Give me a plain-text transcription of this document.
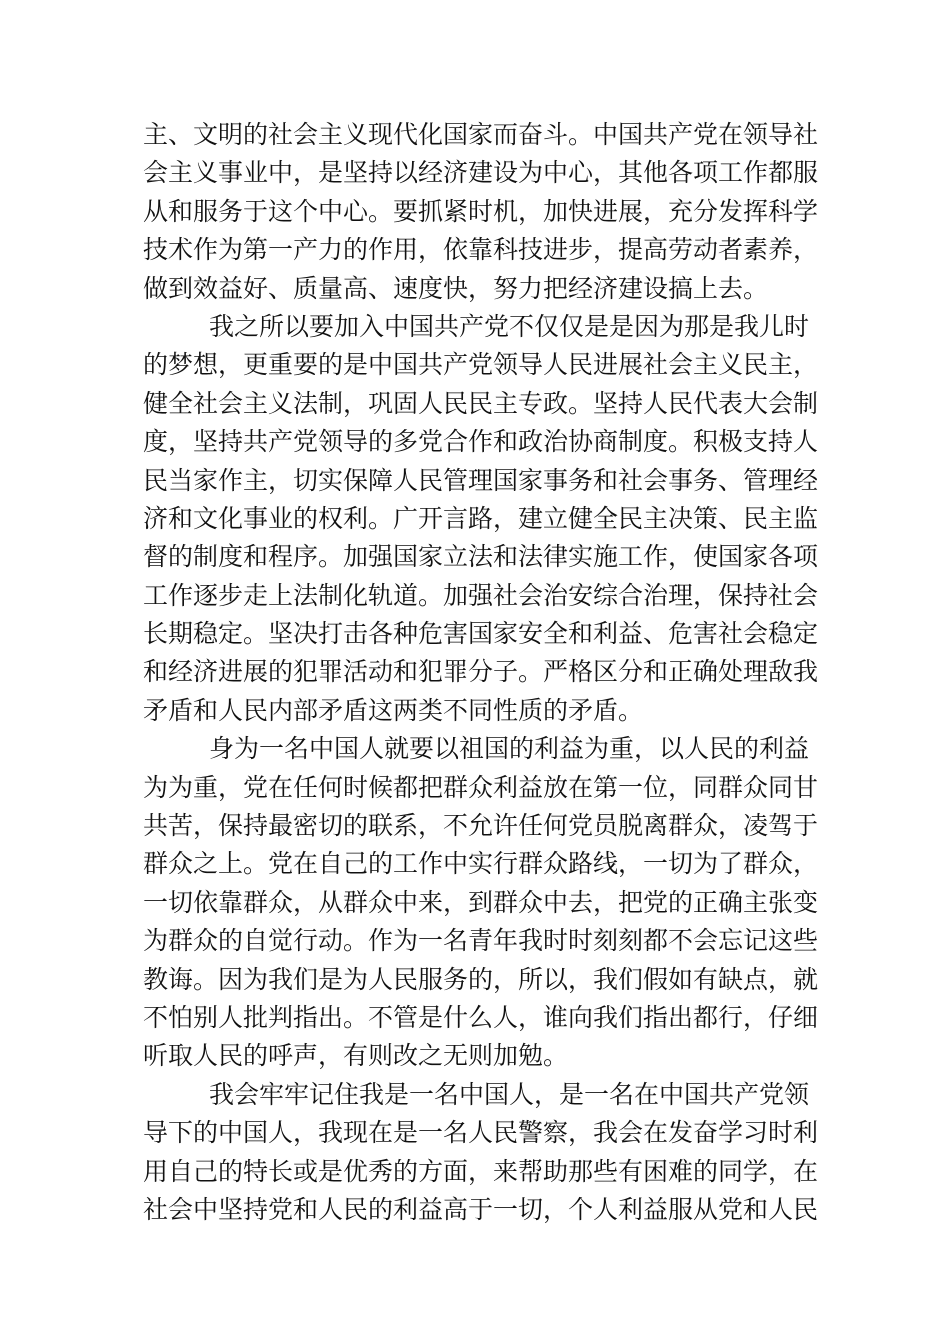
主、文明的社会主义现代化国家而奋斗。中国共产党在领导社
会主义事业中，是坚持以经济建设为中心，其他各项工作都服
从和服务于这个中心。要抓紧时机，加快进展，充分发挥科学
技术作为第一产力的作用，依靠科技进步，提高劳动者素养，
做到效益好、质量高、速度快，努力把经济建设搞上去。
我之所以要加入中国共产党不仅仅是是因为那是我儿时
的梦想，更重要的是中国共产党领导人民进展社会主义民主，
健全社会主义法制，巩固人民民主专政。坚持人民代表大会制
度，坚持共产党领导的多党合作和政治协商制度。积极支持人
民当家作主，切实保障人民管理国家事务和社会事务、管理经
济和文化事业的权利。广开言路，建立健全民主决策、民主监
督的制度和程序。加强国家立法和法律实施工作，使国家各项
工作逐步走上法制化轨道。加强社会治安综合治理，保持社会
长期稳定。坚决打击各种危害国家安全和利益、危害社会稳定
和经济进展的犯罪活动和犯罪分子。严格区分和正确处理敌我
矛盾和人民内部矛盾这两类不同性质的矛盾。
身为一名中国人就要以祖国的利益为重，以人民的利益
为为重，党在任何时候都把群众利益放在第一位，同群众同甘
共苦，保持最密切的联系，不允许任何党员脱离群众，凌驾于
群众之上。党在自己的工作中实行群众路线，一切为了群众，
一切依靠群众，从群众中来，到群众中去，把党的正确主张变
为群众的自觉行动。作为一名青年我时时刻刻都不会忘记这些
教诲。因为我们是为人民服务的，所以，我们假如有缺点，就
不怕别人批判指出。不管是什么人，谁向我们指出都行，仔细
听取人民的呼声，有则改之无则加勉。
我会牢牢记住我是一名中国人，是一名在中国共产党领
导下的中国人，我现在是一名人民警察，我会在发奋学习时利
用自己的特长或是优秀的方面，来帮助那些有困难的同学，在
社会中坚持党和人民的利益高于一切，个人利益服从党和人民
